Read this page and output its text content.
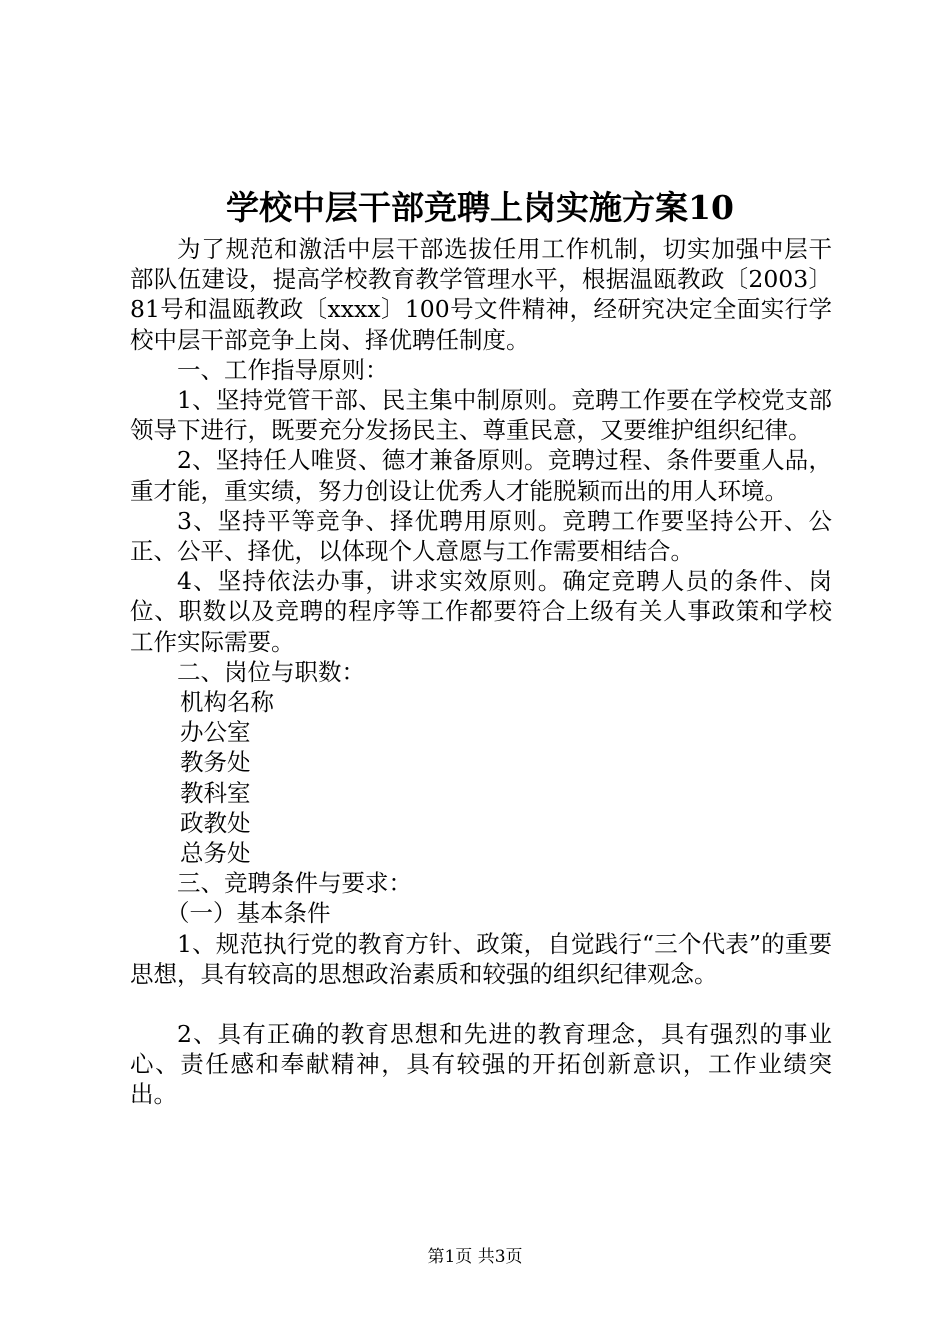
学校中层干部竞聘上岗实施方案10

为了规范和激活中层干部选拔任用工作机制，切实加强中层干部队伍建设，提高学校教育教学管理水平，根据温瓯教政〔2003〕81号和温瓯教政〔xxxx〕100号文件精神，经研究决定全面实行学校中层干部竞争上岗、择优聘任制度。

一、工作指导原则：

1、坚持党管干部、民主集中制原则。竞聘工作要在学校党支部领导下进行，既要充分发扬民主、尊重民意，又要维护组织纪律。

2、坚持任人唯贤、德才兼备原则。竞聘过程、条件要重人品，重才能，重实绩，努力创设让优秀人才能脱颖而出的用人环境。

3、坚持平等竞争、择优聘用原则。竞聘工作要坚持公开、公正、公平、择优，以体现个人意愿与工作需要相结合。

4、坚持依法办事，讲求实效原则。确定竞聘人员的条件、岗位、职数以及竞聘的程序等工作都要符合上级有关人事政策和学校工作实际需要。

二、岗位与职数：

机构名称

办公室

教务处

教科室

政教处

总务处

三、竞聘条件与要求：

（一）基本条件

1、规范执行党的教育方针、政策，自觉践行“三个代表”的重要思想，具有较高的思想政治素质和较强的组织纪律观念。

2、具有正确的教育思想和先进的教育理念，具有强烈的事业心、责任感和奉献精神，具有较强的开拓创新意识，工作业绩突出。

第1页 共3页
